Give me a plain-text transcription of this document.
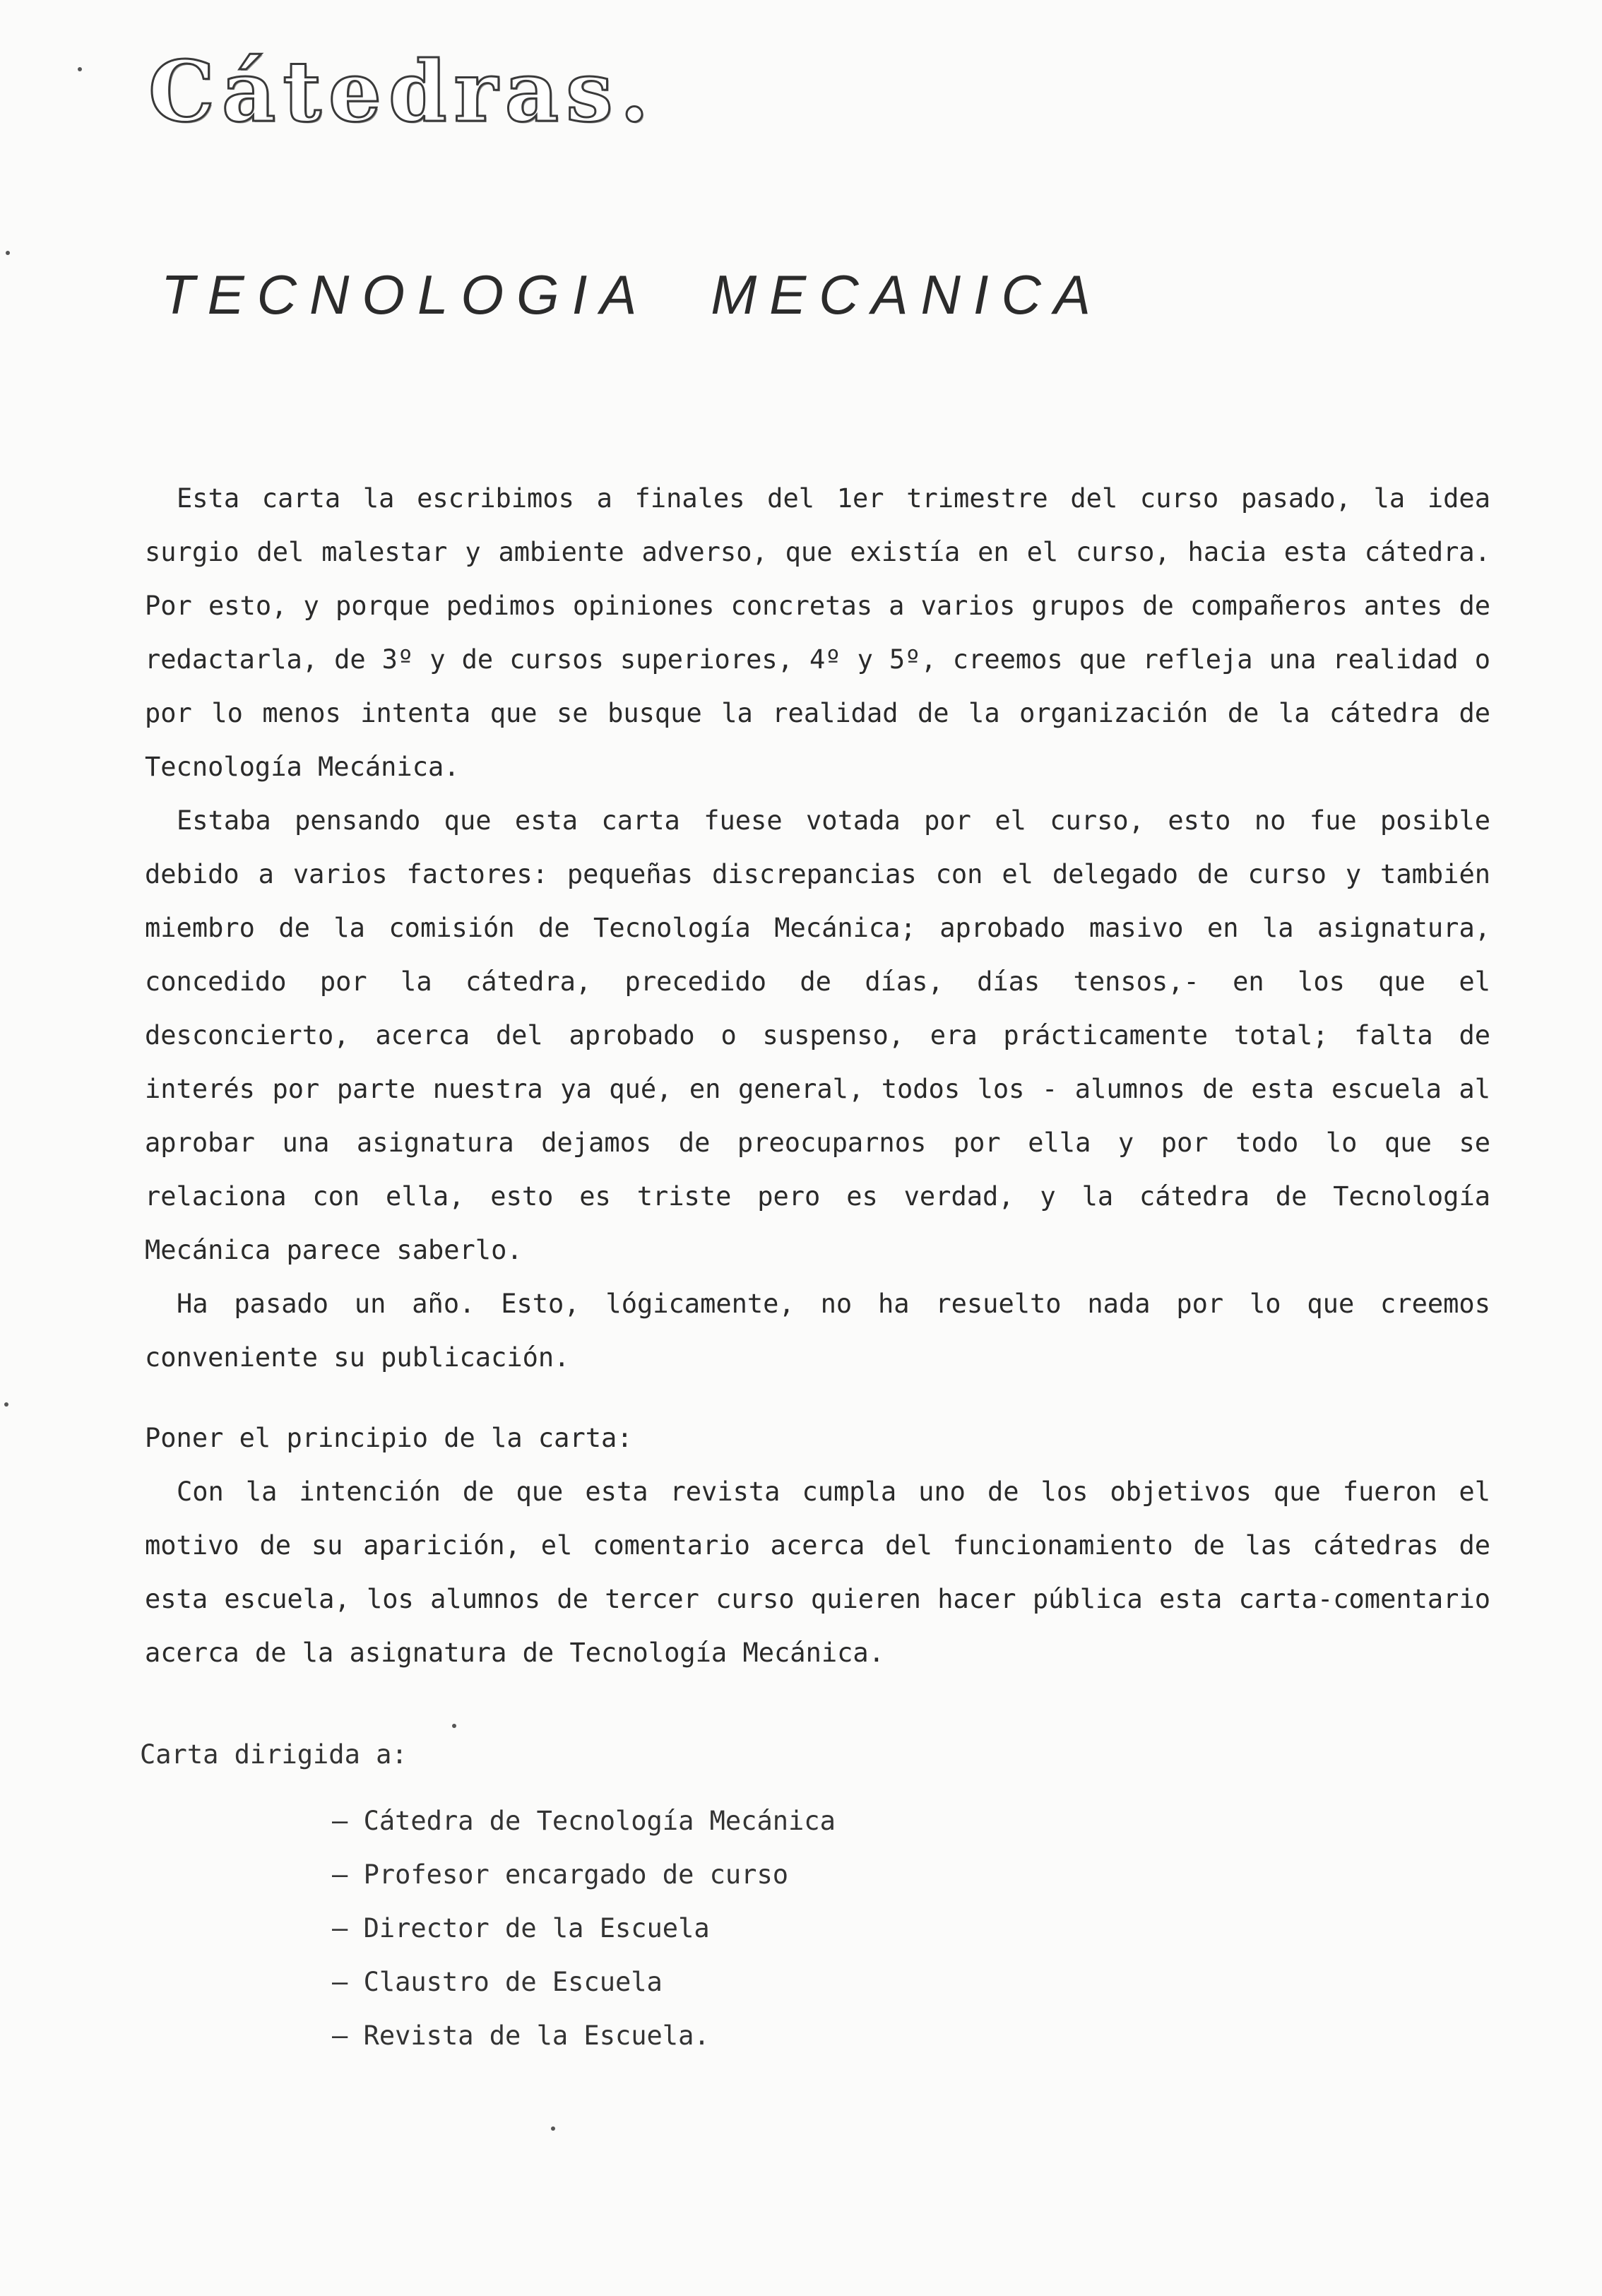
Cátedras.
TECNOLOGIA MECANICA

Esta carta la escribimos a finales del 1er trimestre del curso pasado, la idea surgio del malestar y ambiente adverso, que existía en el curso, hacia esta cátedra. Por esto, y porque pedimos opiniones concretas a varios grupos de compañeros antes de redactarla, de 3º y de cursos superiores, 4º y 5º, creemos que refleja una realidad o por lo menos intenta que se busque la realidad de la organización de la cátedra de Tecnología Mecánica.

Estaba pensando que esta carta fuese votada por el curso, esto no fue posible debido a varios factores: pequeñas discrepancias con el delegado de curso y también miembro de la comisión de Tecnología Mecánica; aprobado masivo en la asignatura, concedido por la cátedra, precedido de días, días tensos,- en los que el desconcierto, acerca del aprobado o suspenso, era prácticamente total; falta de interés por parte nuestra ya qué, en general, todos los - alumnos de esta escuela al aprobar una asignatura dejamos de preocuparnos por ella y por todo lo que se relaciona con ella, esto es triste pero es verdad, y la cátedra de Tecnología Mecánica parece saberlo.

Ha pasado un año. Esto, lógicamente, no ha resuelto nada por lo que creemos conveniente su publicación.

Poner el principio de la carta:

Con la intención de que esta revista cumpla uno de los objetivos que fueron el motivo de su aparición, el comentario acerca del funcionamiento de las cátedras de esta escuela, los alumnos de tercer curso quieren hacer pública esta carta-comentario acerca de la asignatura de Tecnología Mecánica.

Carta dirigida a:
– Cátedra de Tecnología Mecánica
– Profesor encargado de curso
– Director de la Escuela
– Claustro de Escuela
– Revista de la Escuela.
